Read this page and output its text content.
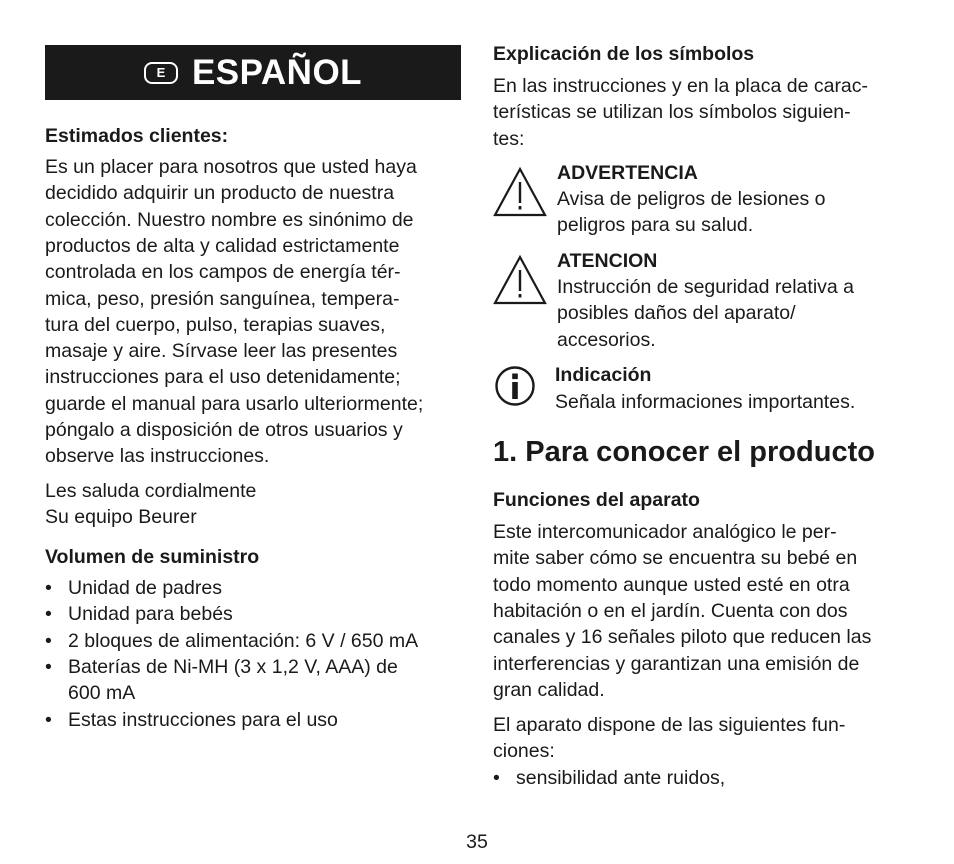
E ESPAÑOL
Estimados clientes:
Es un placer para nosotros que usted haya
decidido adquirir un producto de nuestra
colección. Nuestro nombre es sinónimo de
productos de alta y calidad estrictamente
controlada en los campos de energía tér-
mica, peso, presión sanguínea, tempera-
tura del cuerpo, pulso, terapias suaves,
masaje y aire. Sírvase leer las presentes
instrucciones para el uso detenidamente;
guarde el manual para usarlo ulteriormente;
póngalo a disposición de otros usuarios y
observe las instrucciones.
Les saluda cordialmente
Su equipo Beurer
Volumen de suministro
• Unidad de padres
• Unidad para bebés
• 2 bloques de alimentación: 6 V / 650 mA
• Baterías de Ni-MH (3 x 1,2 V, AAA) de
600 mA
• Estas instrucciones para el uso
Explicación de los símbolos
En las instrucciones y en la placa de carac-
terísticas se utilizan los símbolos siguien-
tes:
ADVERTENCIA
Avisa de peligros de lesiones o
peligros para su salud.
ATENCION
Instrucción de seguridad relativa a
posibles daños del aparato/
accesorios.
Indicación
Señala informaciones importantes.
1. Para conocer el producto
Funciones del aparato
Este intercomunicador analógico le per-
mite saber cómo se encuentra su bebé en
todo momento aunque usted esté en otra
habitación o en el jardín. Cuenta con dos
canales y 16 señales piloto que reducen las
interferencias y garantizan una emisión de
gran calidad.
El aparato dispone de las siguientes fun-
ciones:
• sensibilidad ante ruidos,
35
